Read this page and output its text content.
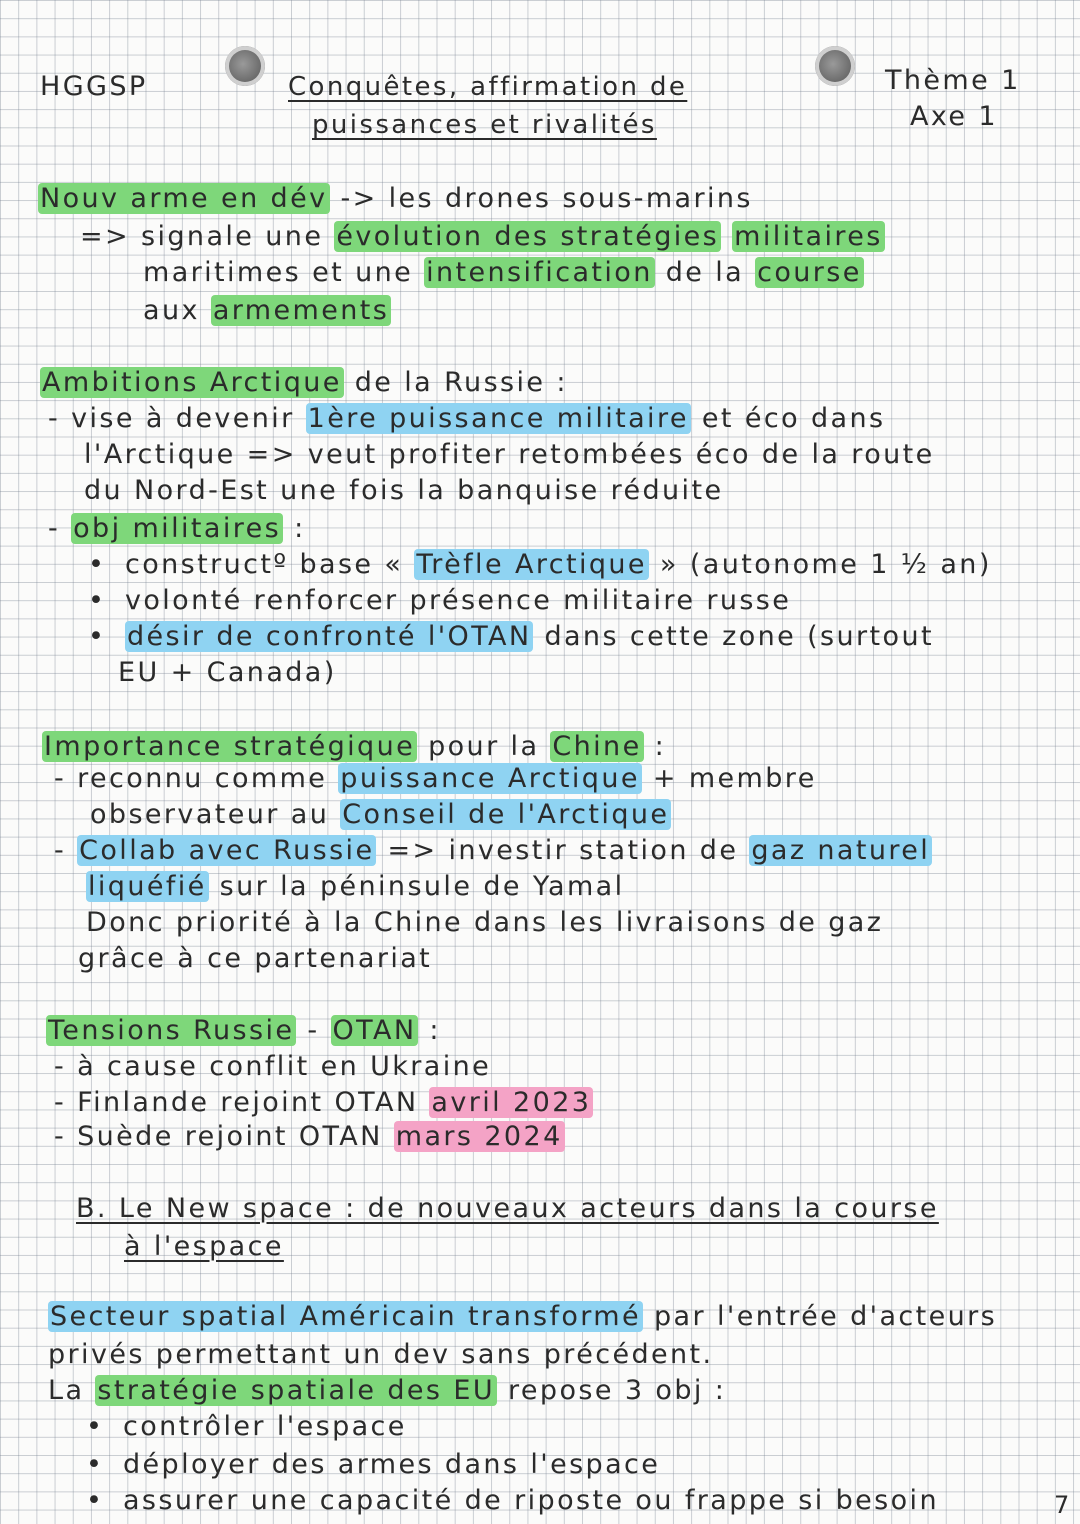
HGGSP	Conquêtes, affirmation de
puissances et rivalités
Thème 1
Axe 1
Nouv arme en dév -> les drones sous-marins
=> signale une évolution des stratégies militaires
maritimes et une intensification de la course
aux armements
Ambitions Arctique de la Russie :
- vise à devenir 1ère puissance militaire et éco dans
l'Arctique => veut profiter retombées éco de la route
du Nord-Est une fois la banquise réduite
- obj militaires :
• constructº base « Trèfle Arctique » (autonome 1 ½ an)
• volonté renforcer présence militaire russe
• désir de confronté l'OTAN dans cette zone (surtout
EU + Canada)
Importance stratégique pour la Chine :
- reconnu comme puissance Arctique + membre
observateur au Conseil de l'Arctique
- Collab avec Russie => investir station de gaz naturel
liquéfié sur la péninsule de Yamal
Donc priorité à la Chine dans les livraisons de gaz
grâce à ce partenariat
Tensions Russie - OTAN :
- à cause conflit en Ukraine
- Finlande rejoint OTAN avril 2023
- Suède rejoint OTAN mars 2024
B. Le New space : de nouveaux acteurs dans la course
à l'espace
Secteur spatial Américain transformé par l'entrée d'acteurs
privés permettant un dev sans précédent.
La stratégie spatiale des EU repose 3 obj :
• contrôler l'espace
• déployer des armes dans l'espace
• assurer une capacité de riposte ou frappe si besoin	7
